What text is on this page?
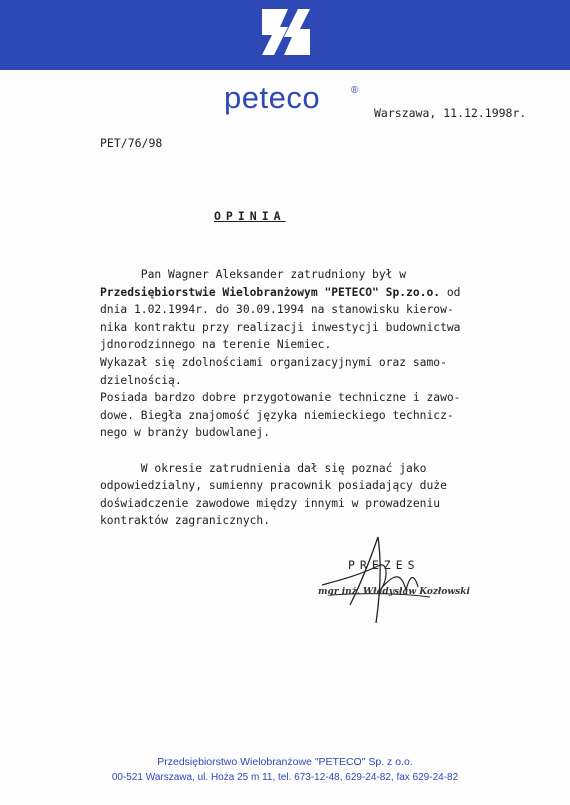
peteco	®
Warszawa, 11.12.1998r.
PET/76/98
OPINIA

Pan Wagner Aleksander zatrudniony był w

Przedsiębiorstwie Wielobranżowym "PETECO" Sp.zo.o. od

dnia 1.02.1994r. do 30.09.1994 na stanowisku kierow-

nika kontraktu przy realizacji inwestycji budownictwa

jdnorodzinnego na terenie Niemiec.

Wykazał się zdolnościami organizacyjnymi oraz samo-

dzielnością.

Posiada bardzo dobre przygotowanie techniczne i zawo-

dowe. Biegła znajomość języka niemieckiego technicz-

nego w branży budowlanej.

W okresie zatrudnienia dał się poznać jako

odpowiedzialny, sumienny pracownik posiadający duże

doświadczenie zawodowe między innymi w prowadzeniu

kontraktów zagranicznych.

PREZES
mgr inż. Władysław Kozłowski
Przedsiębiorstwo Wielobranżowe "PETECO" Sp. z o.o.
00-521 Warszawa, ul. Hoża 25 m 11, tel. 673-12-48, 629-24-82, fax 629-24-82
